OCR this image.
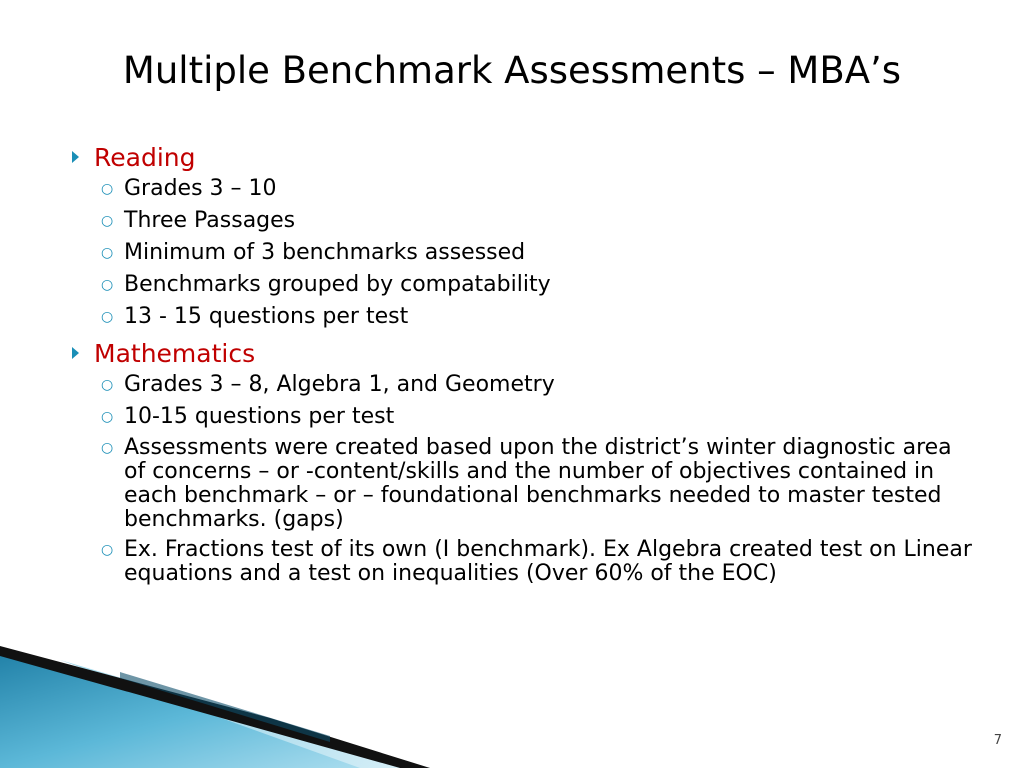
Multiple Benchmark Assessments – MBA’s
Reading
○ Grades 3 – 10
○ Three Passages
○ Minimum of 3 benchmarks assessed
○ Benchmarks grouped by compatability
○ 13 - 15 questions per test
Mathematics
○ Grades 3 – 8, Algebra 1, and Geometry
○ 10-15 questions per test
○ Assessments were created based upon the district’s winter diagnostic area of concerns – or -content/skills and the number of objectives contained in each benchmark – or – foundational benchmarks needed to master tested benchmarks. (gaps)
○ Ex. Fractions test of its own (I benchmark). Ex Algebra created test on Linear equations and a test on inequalities (Over 60% of the EOC)
7
